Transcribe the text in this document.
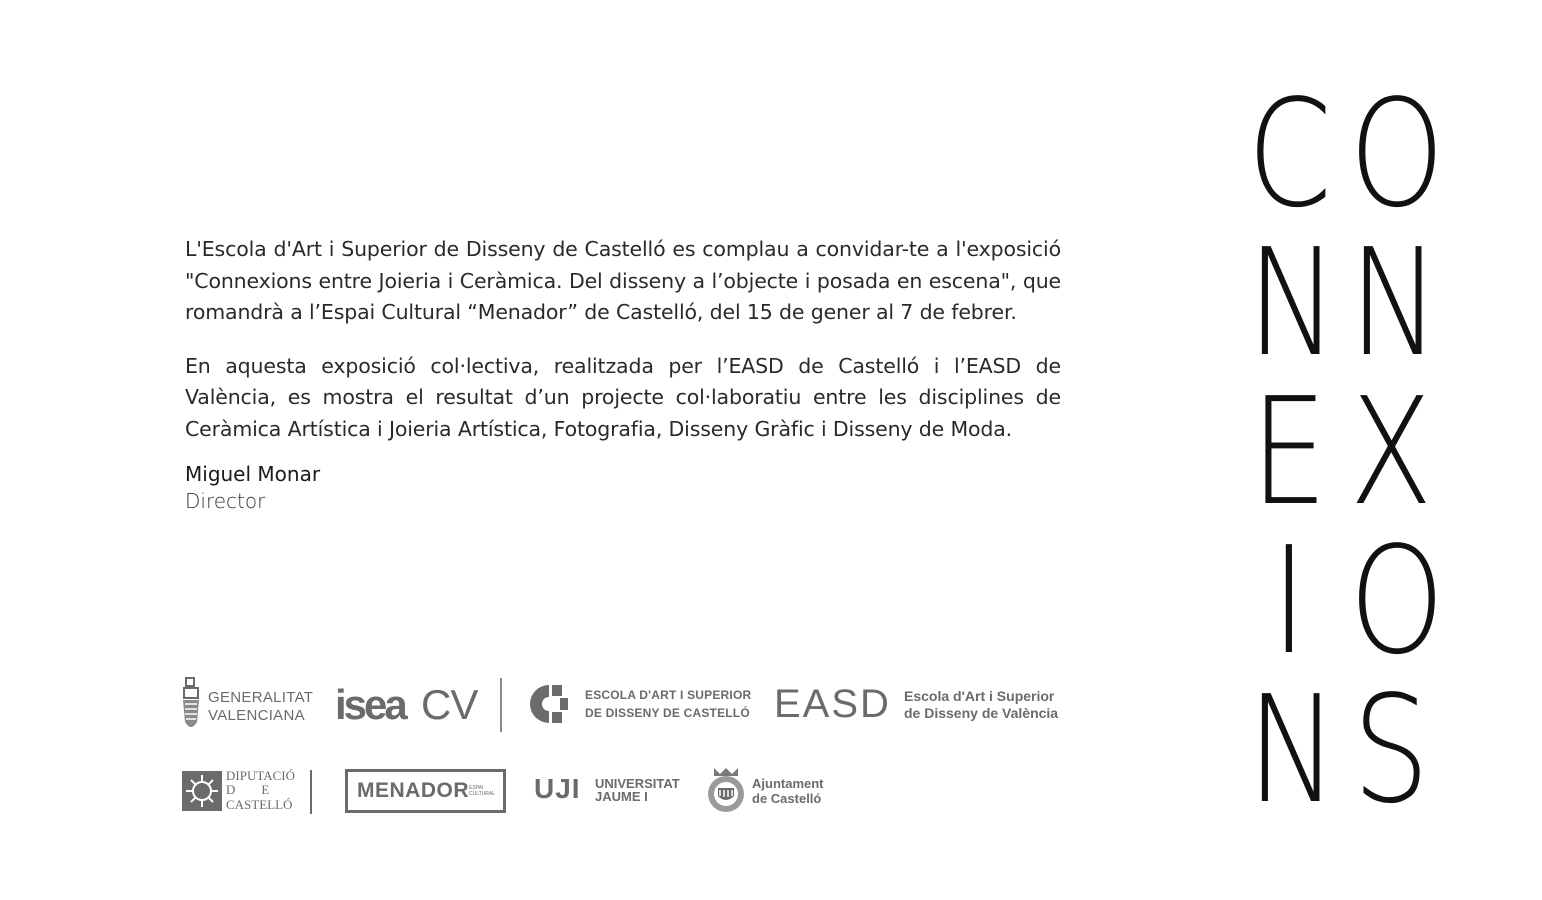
L'Escola d'Art i Superior de Disseny de Castelló es complau a convidar-te a l'exposició "Connexions entre Joieria i Ceràmica. Del disseny a l’objecte i posada en escena", que romandrà a l’Espai Cultural “Menador” de Castelló, del 15 de gener al 7 de febrer.

En aquesta exposició col·lectiva, realitzada per l’EASD de Castelló i l’EASD de València, es mostra el resultat d’un projecte col·laboratiu entre les disciplines de Ceràmica Artística i Joieria Artística, Fotografia, Disseny Gràfic i Disseny de Moda.

Miguel Monar
Director
C O
N N
E X
I O
N S
GENERALITAT
VALENCIANA isea CV	ESCOLA D'ART I SUPERIOR
DE DISSENY DE CASTELLÓ EASD Escola d'Art i Superior
de Disseny de València
DIPUTACIÓ
D        E
CASTELLÓ
MENADOR ESPAI CULTURAL UJI UNIVERSITAT
JAUME I
Ajuntament
de Castelló
